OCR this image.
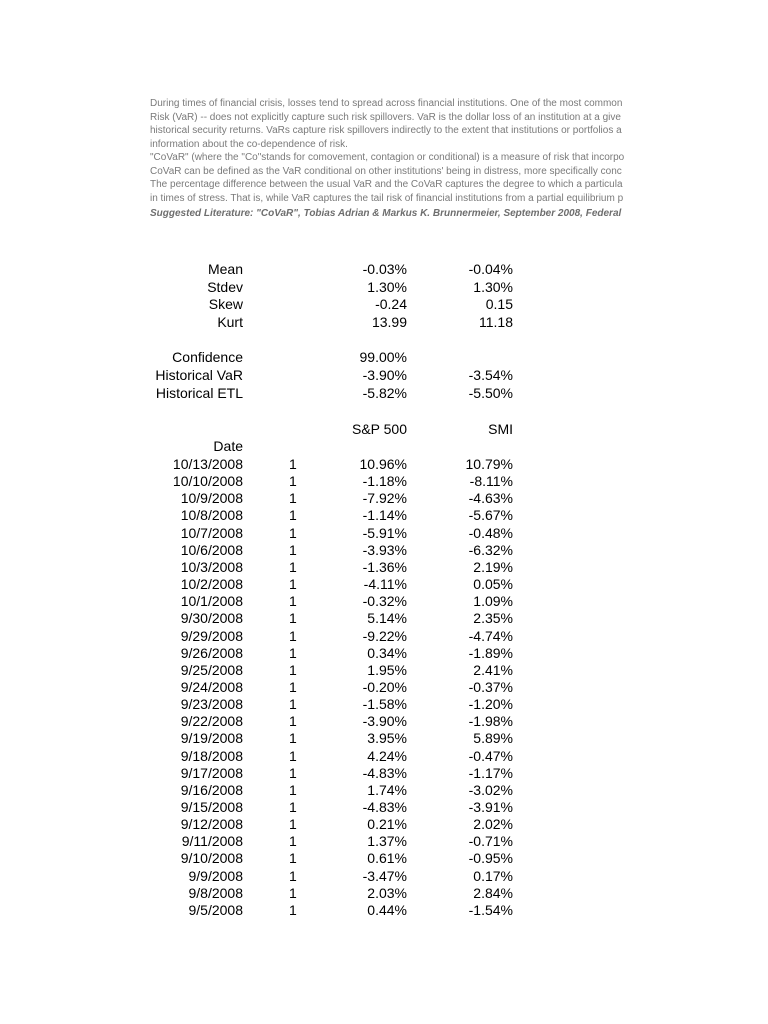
During times of financial crisis, losses tend to spread across financial institutions. One of the most common
Risk (VaR) -- does not explicitly capture such risk spillovers. VaR is the dollar loss of an institution at a give
historical security returns. VaRs capture risk spillovers indirectly to the extent that institutions or portfolios a
information about the co-dependence of risk.
"CoVaR" (where the "Co"stands for comovement, contagion or conditional) is a measure of risk that incorpo
CoVaR can be defined as the VaR conditional on other institutions' being in distress, more specifically conc
The percentage difference between the usual VaR and the CoVaR captures the degree to which a particula
in times of stress. That is, while VaR captures the tail risk of financial institutions from a partial equilibrium p
Suggested Literature: "CoVaR", Tobias Adrian & Markus K. Brunnermeier, September 2008, Federal
Mean	-0.03%	-0.04%
Stdev	1.30%	1.30%
Skew	-0.24	0.15
Kurt	13.99	11.18
Confidence	99.00%
Historical VaR	-3.90%	-3.54%
Historical ETL	-5.82%	-5.50%
S&P 500	SMI
Date
10/13/2008	1	10.96%	10.79%
10/10/2008	1	-1.18%	-8.11%
10/9/2008	1	-7.92%	-4.63%
10/8/2008	1	-1.14%	-5.67%
10/7/2008	1	-5.91%	-0.48%
10/6/2008	1	-3.93%	-6.32%
10/3/2008	1	-1.36%	2.19%
10/2/2008	1	-4.11%	0.05%
10/1/2008	1	-0.32%	1.09%
9/30/2008	1	5.14%	2.35%
9/29/2008	1	-9.22%	-4.74%
9/26/2008	1	0.34%	-1.89%
9/25/2008	1	1.95%	2.41%
9/24/2008	1	-0.20%	-0.37%
9/23/2008	1	-1.58%	-1.20%
9/22/2008	1	-3.90%	-1.98%
9/19/2008	1	3.95%	5.89%
9/18/2008	1	4.24%	-0.47%
9/17/2008	1	-4.83%	-1.17%
9/16/2008	1	1.74%	-3.02%
9/15/2008	1	-4.83%	-3.91%
9/12/2008	1	0.21%	2.02%
9/11/2008	1	1.37%	-0.71%
9/10/2008	1	0.61%	-0.95%
9/9/2008	1	-3.47%	0.17%
9/8/2008	1	2.03%	2.84%
9/5/2008	1	0.44%	-1.54%
